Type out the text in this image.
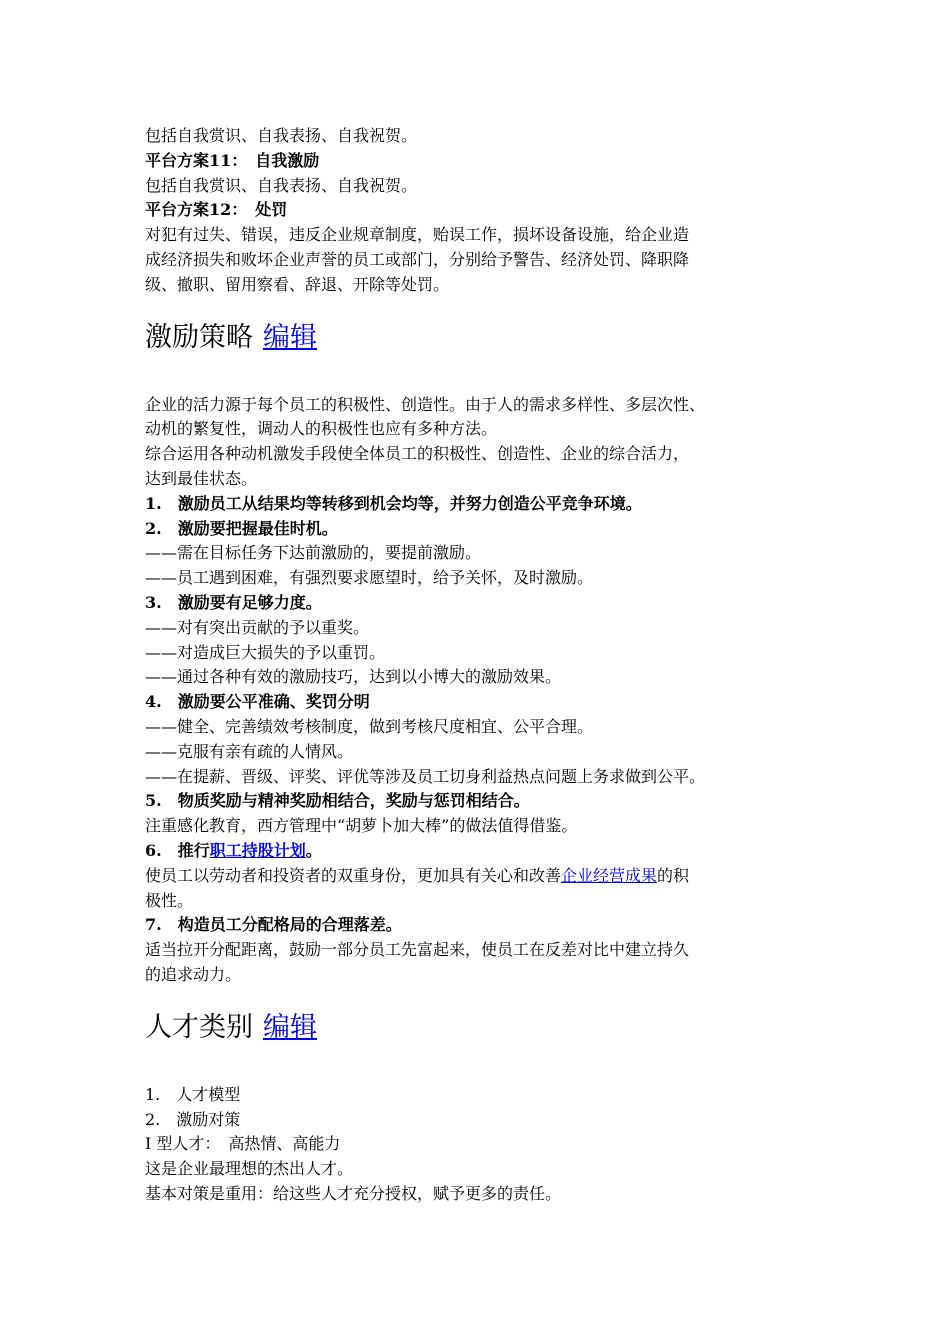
包括自我赏识、自我表扬、自我祝贺。
平台方案11：　自我激励
包括自我赏识、自我表扬、自我祝贺。
平台方案12：　处罚
对犯有过失、错误，违反企业规章制度，贻误工作，损坏设备设施，给企业造
成经济损失和败坏企业声誉的员工或部门，分别给予警告、经济处罚、降职降
级、撤职、留用察看、辞退、开除等处罚。
激励策略 编辑
企业的活力源于每个员工的积极性、创造性。由于人的需求多样性、多层次性、
动机的繁复性，调动人的积极性也应有多种方法。
综合运用各种动机激发手段使全体员工的积极性、创造性、企业的综合活力，
达到最佳状态。
1.　激励员工从结果均等转移到机会均等，并努力创造公平竞争环境。
2.　激励要把握最佳时机。
——需在目标任务下达前激励的，要提前激励。
——员工遇到困难，有强烈要求愿望时，给予关怀，及时激励。
3.　激励要有足够力度。
——对有突出贡献的予以重奖。
——对造成巨大损失的予以重罚。
——通过各种有效的激励技巧，达到以小博大的激励效果。
4.　激励要公平准确、奖罚分明
——健全、完善绩效考核制度，做到考核尺度相宜、公平合理。
——克服有亲有疏的人情风。
——在提薪、晋级、评奖、评优等涉及员工切身利益热点问题上务求做到公平。
5.　物质奖励与精神奖励相结合，奖励与惩罚相结合。
注重感化教育，西方管理中“胡萝卜加大棒”的做法值得借鉴。
6.　推行职工持股计划。
使员工以劳动者和投资者的双重身份，更加具有关心和改善企业经营成果的积
极性。
7.　构造员工分配格局的合理落差。
适当拉开分配距离，鼓励一部分员工先富起来，使员工在反差对比中建立持久
的追求动力。
人才类别 编辑
1.　人才模型
2.　激励对策
Ⅰ 型人才：　高热情、高能力
这是企业最理想的杰出人才。
基本对策是重用：给这些人才充分授权，赋予更多的责任。
